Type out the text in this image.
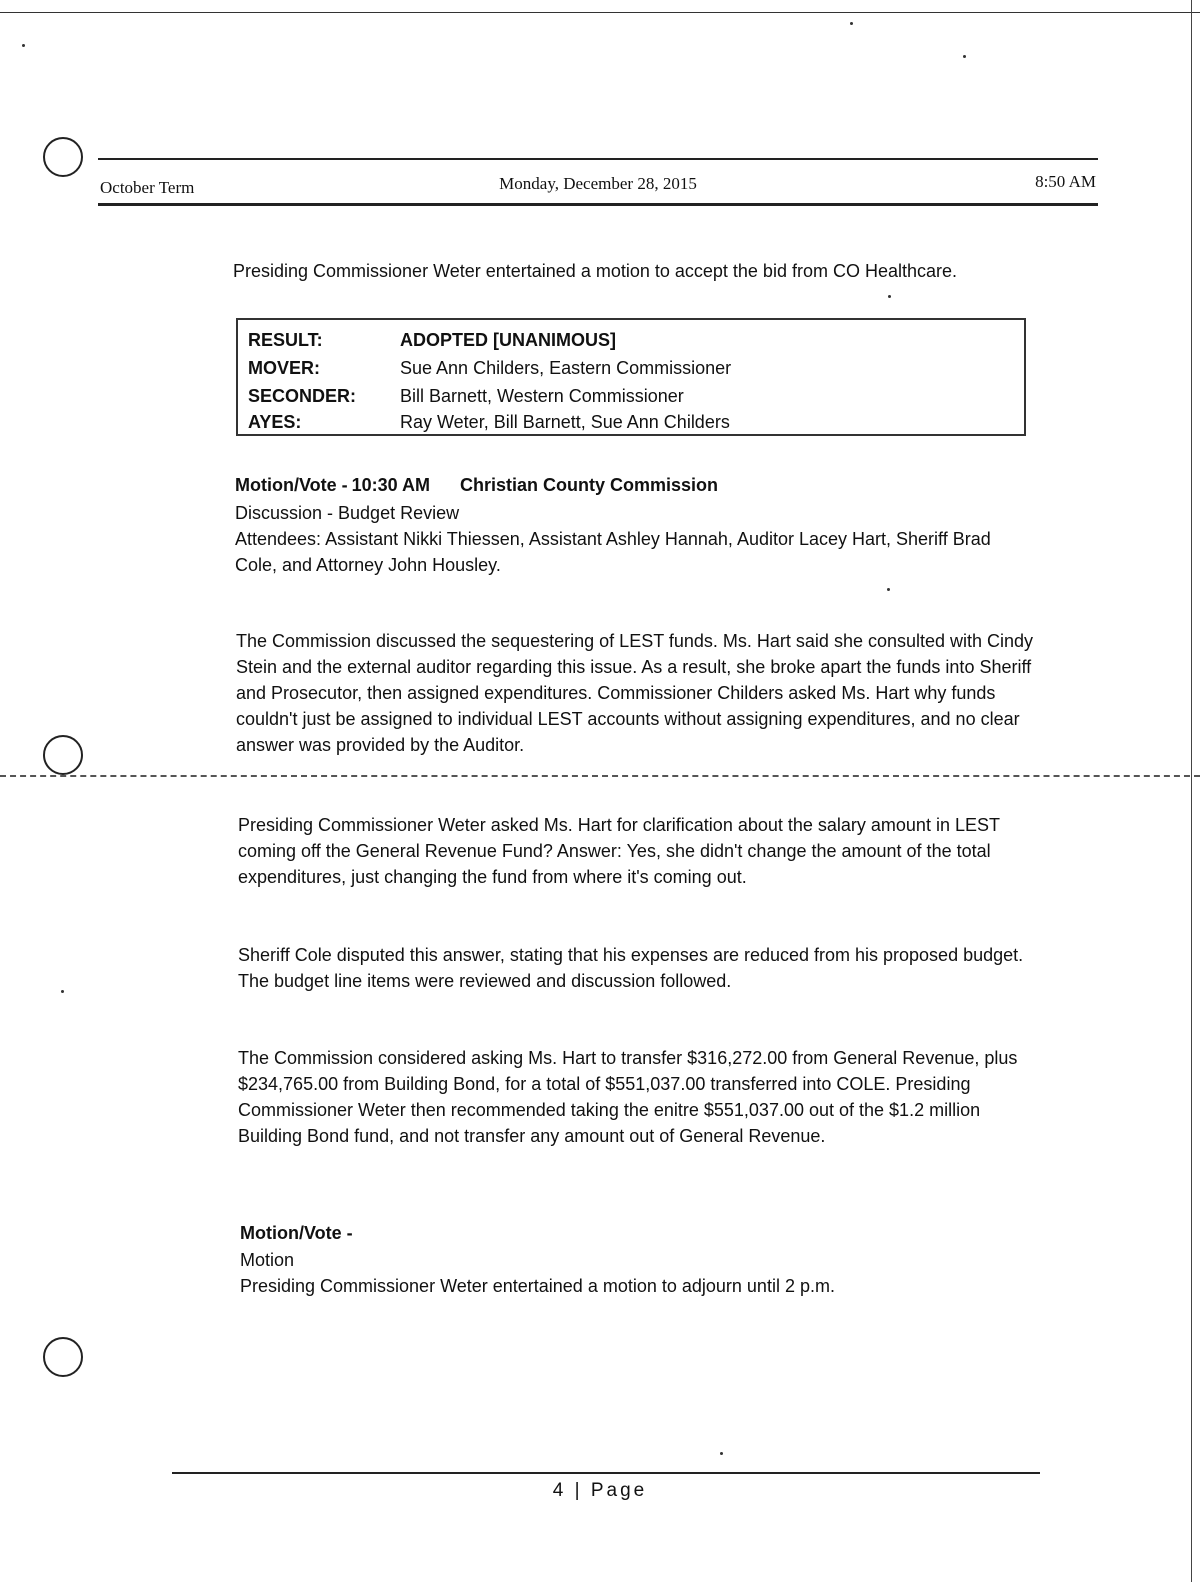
October Term	Monday, December 28, 2015	8:50 AM
Presiding Commissioner Weter entertained a motion to accept the bid from CO Healthcare.
RESULT:	ADOPTED [UNANIMOUS]
MOVER:	Sue Ann Childers, Eastern Commissioner
SECONDER: Bill Barnett, Western Commissioner
AYES:	Ray Weter, Bill Barnett, Sue Ann Childers
Motion/Vote - 10:30 AM Christian County Commission
Discussion - Budget Review
Attendees: Assistant Nikki Thiessen, Assistant Ashley Hannah, Auditor Lacey Hart, Sheriff Brad Cole, and Attorney John Housley.
The Commission discussed the sequestering of LEST funds. Ms. Hart said she consulted with Cindy Stein and the external auditor regarding this issue. As a result, she broke apart the funds into Sheriff and Prosecutor, then assigned expenditures. Commissioner Childers asked Ms. Hart why funds couldn't just be assigned to individual LEST accounts without assigning expenditures, and no clear answer was provided by the Auditor.
Presiding Commissioner Weter asked Ms. Hart for clarification about the salary amount in LEST coming off the General Revenue Fund? Answer: Yes, she didn't change the amount of the total expenditures, just changing the fund from where it's coming out.
Sheriff Cole disputed this answer, stating that his expenses are reduced from his proposed budget. The budget line items were reviewed and discussion followed.
The Commission considered asking Ms. Hart to transfer $316,272.00 from General Revenue, plus $234,765.00 from Building Bond, for a total of $551,037.00 transferred into COLE. Presiding Commissioner Weter then recommended taking the enitre $551,037.00 out of the $1.2 million Building Bond fund, and not transfer any amount out of General Revenue.
Motion/Vote -
Motion
Presiding Commissioner Weter entertained a motion to adjourn until 2 p.m.
4 | Page
